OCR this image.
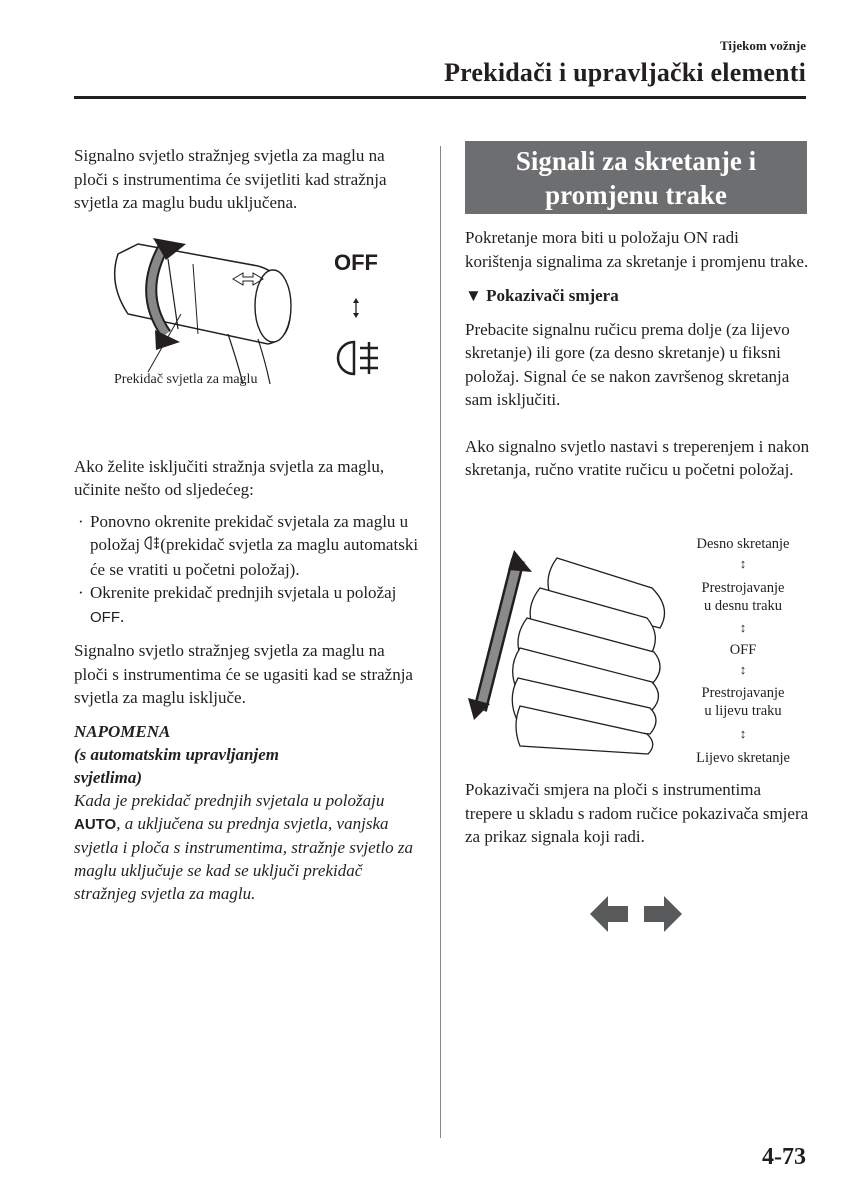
Tijekom vožnje
Prekidači i upravljački elementi

Signalno svjetlo stražnjeg svjetla za maglu na ploči s instrumentima će svijetliti kad stražnja svjetla za maglu budu uključena.

Ako želite isključiti stražnja svjetla za maglu, učinite nešto od sljedećeg:

· Ponovno okrenite prekidač svjetala za maglu u položaj (prekidač svjetla za maglu automatski će se vratiti u početni položaj).
· Okrenite prekidač prednjih svjetala u položaj OFF.

Signalno svjetlo stražnjeg svjetla za maglu na ploči s instrumentima će se ugasiti kad se stražnja svjetla za maglu isključe.

NAPOMENA
(s automatskim upravljanjem
svjetlima)
Kada je prekidač prednjih svjetala u položaju AUTO, a uključena su prednja svjetla, vanjska svjetla i ploča s instrumentima, stražnje svjetlo za maglu uključuje se kad se uključi prekidač stražnjeg svjetla za maglu.
OFF
Prekidač svjetla za maglu
Signali za skretanje i
promjenu trake

Pokretanje mora biti u položaju ON radi korištenja signalima za skretanje i promjenu trake.

▼ Pokazivači smjera

Prebacite signalnu ručicu prema dolje (za lijevo skretanje) ili gore (za desno skretanje) u fiksni položaj. Signal će se nakon završenog skretanja sam isključiti.

Ako signalno svjetlo nastavi s treperenjem i nakon skretanja, ručno vratite ručicu u početni položaj.

Desno skretanje
↕
Prestrojavanje
u desnu traku
↕
OFF
↕
Prestrojavanje
u lijevu traku
↕
Lijevo skretanje

Pokazivači smjera na ploči s instrumentima trepere u skladu s radom ručice pokazivača smjera za prikaz signala koji radi.

4-73
